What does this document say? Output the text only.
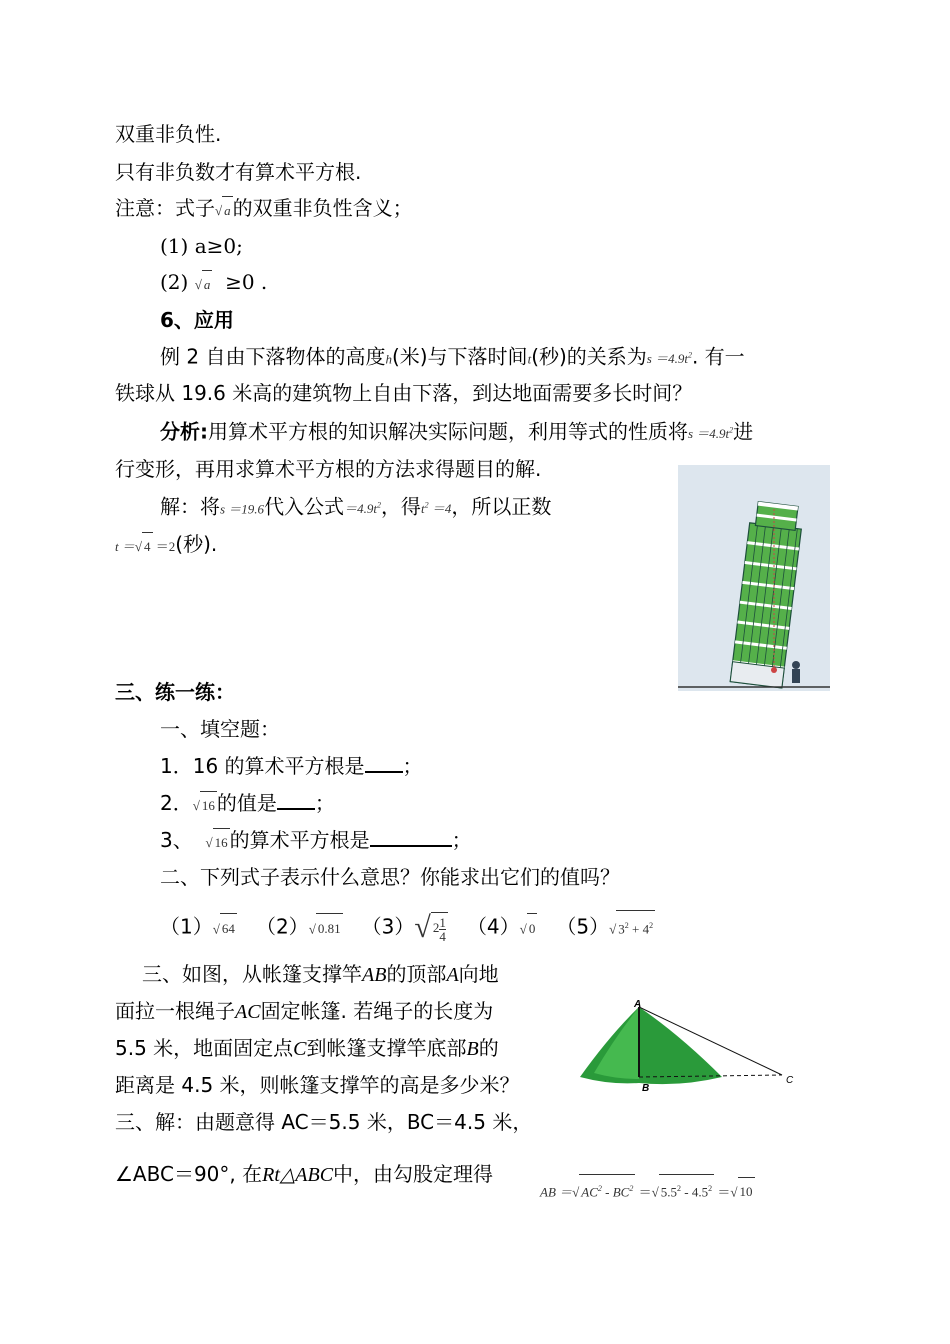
双重非负性.
只有非负数才有算术平方根.
注意：式子√ a 的双重非负性含义；
(1) a≥0;
(2) √ a ≥0 .
6、应用
例 2 自由下落物体的高度h(米)与下落时间t(秒)的关系为$s =4.9t^2$. 有一
铁球从 19.6 米高的建筑物上自由下落，到达地面需要多长时间？
分析:用算术平方根的知识解决实际问题，利用等式的性质将$s =4.9t^2$进
行变形，再用求算术平方根的方法求得题目的解.
解：将s ＝19.6代入公式$=4.9t^2$，得$t^2 =4$，所以正数
t ＝√ 4 ＝2(秒).
三、练一练：
一、填空题：
1．16 的算术平方根是 ；
2．√ 16 的值是 ；
3、 √ 16 的算术平方根是	；
二、下列式子表示什么意思？你能求出它们的值吗？
（1）√ 64 （2）√ 0.81 （3）√ $2 \frac{1}{4} (4)√$ 0 （5）√ $3^2 + 4^2$
三、如图，从帐篷支撑竿AB的顶部A向地
面拉一根绳子AC固定帐篷. 若绳子的长度为
5.5 米，地面固定点C到帐篷支撑竿底部B的
距离是 4.5 米，则帐篷支撑竿的高是多少米？
三、解：由题意得 AC＝5.5 米，BC＝4.5 米，
A
B
C
∠ABC＝90°, 在Rt△ABC中，由勾股定理得
AB ＝√ $AC^2 - BC^2$ ＝√ $5.5^2 - 4.5^2$ ＝√ 10
